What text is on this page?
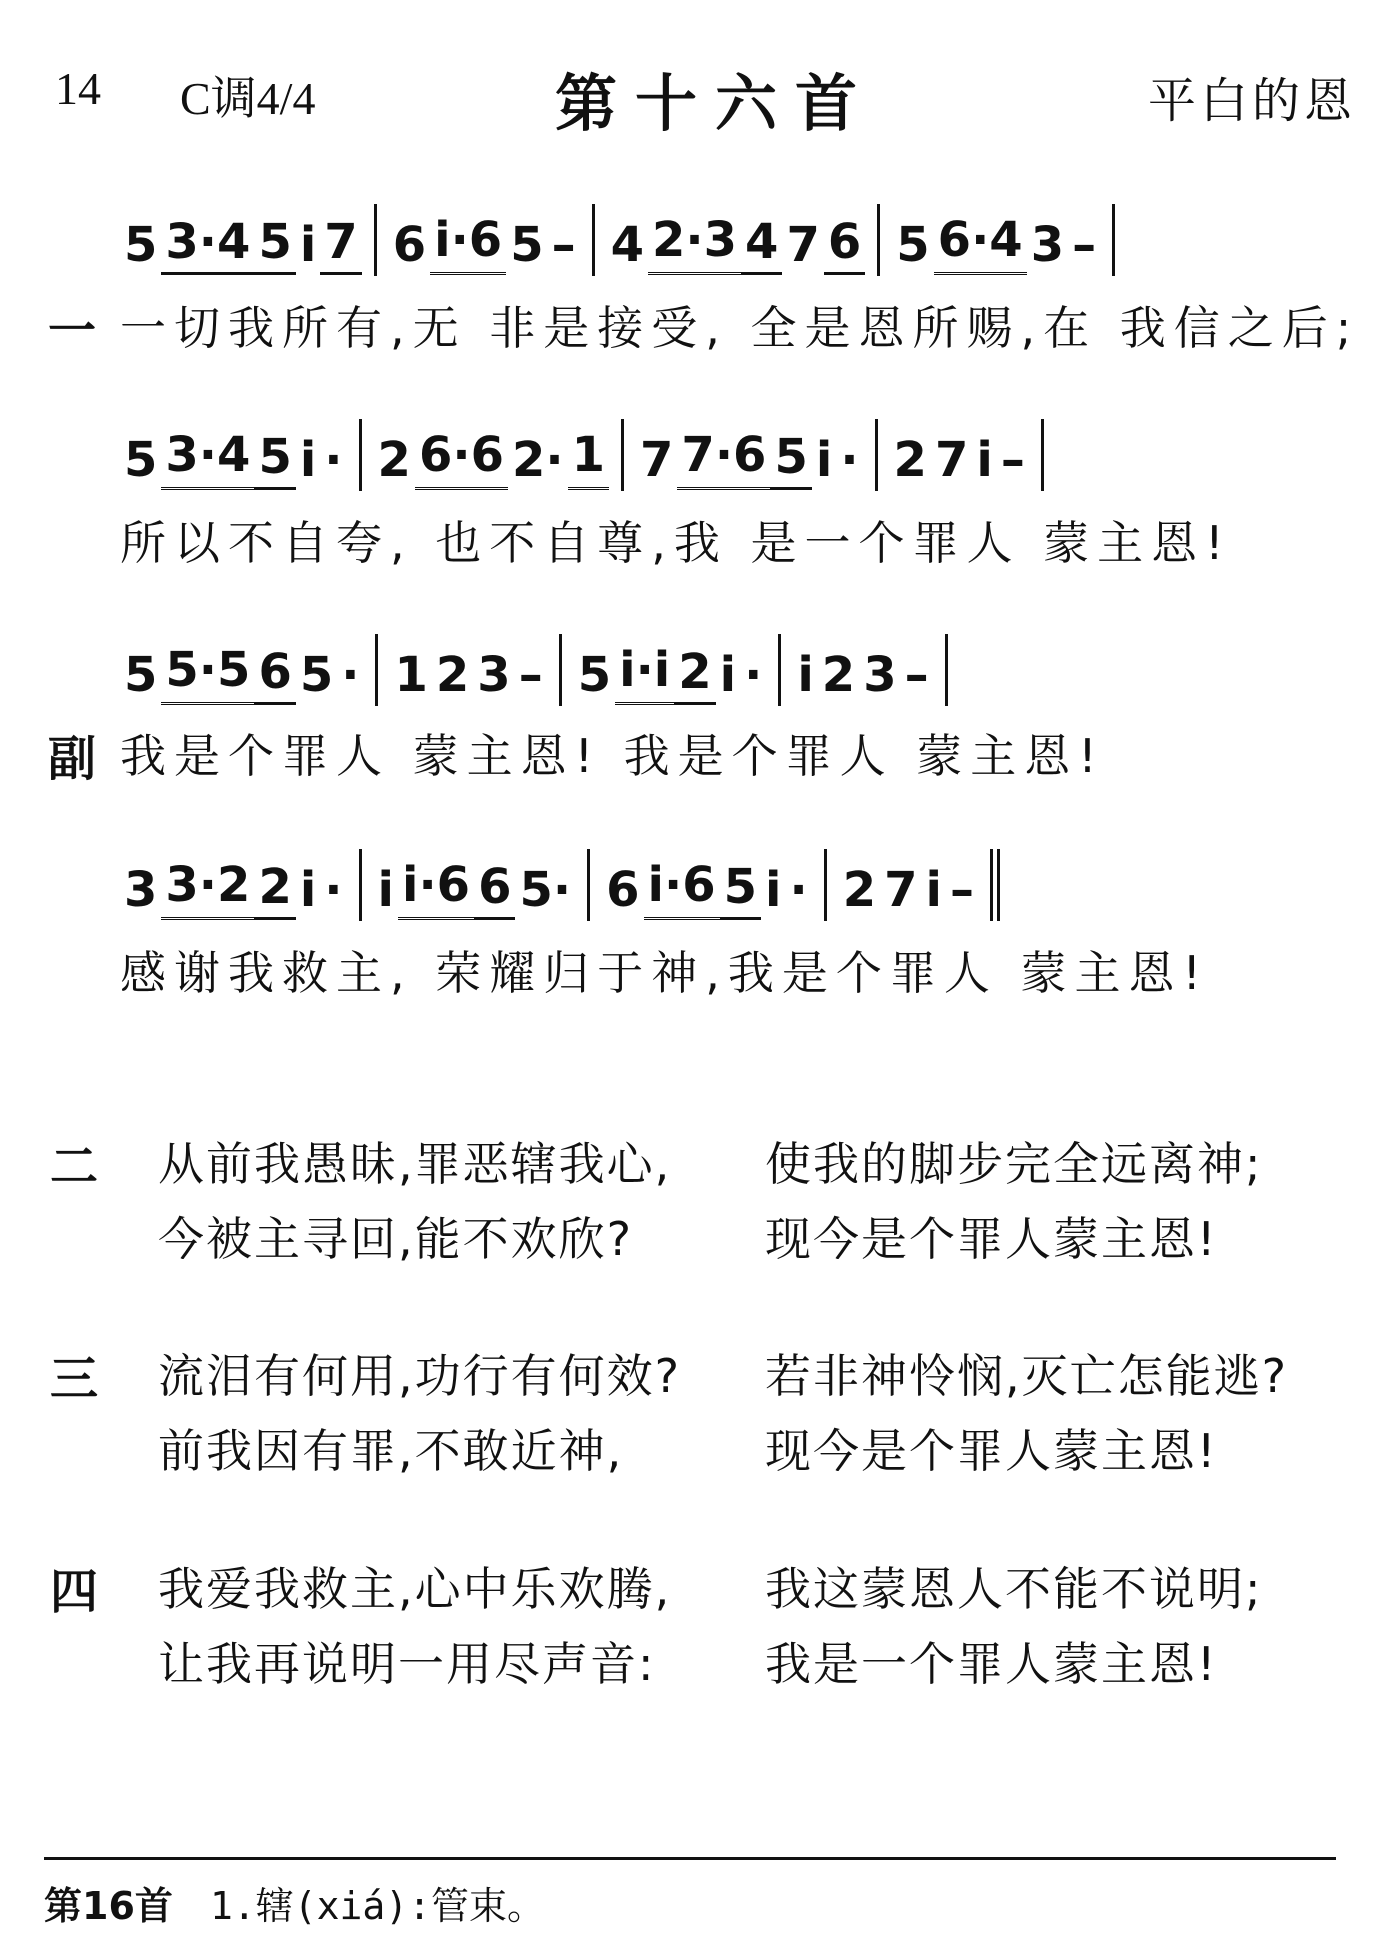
14 C调4/4	第十六首	平白的恩
一
副
5 3·4 5 i 7 6 i·6 5 – 4 2·3 4 7 6 5 6·4 3 –
一切我所有,无 非是接受, 全是恩所赐,在 我信之后;
5 3·4 5 i · 2 6·6 2· 1 7 7·6 5 i · 2 7 i –
所以不自夸, 也不自尊,我 是一个罪人 蒙主恩!
5 5·5 6 5 · 1 2 3 – 5 i·i 2 i · i 2 3 –
我是个罪人 蒙主恩! 我是个罪人 蒙主恩!
3 3·2 2 i · i i·6 6 5· 6 i·6 5 i · 2 7 i –
感谢我救主, 荣耀归于神,我是个罪人 蒙主恩!
二 从前我愚昧,罪恶辖我心, 使我的脚步完全远离神;
今被主寻回,能不欢欣?	现今是个罪人蒙主恩!
三 流泪有何用,功行有何效? 若非神怜悯,灭亡怎能逃?
前我因有罪,不敢近神,	现今是个罪人蒙主恩!
四 我爱我救主,心中乐欢腾, 我这蒙恩人不能不说明;
让我再说明一用尽声音: 我是一个罪人蒙主恩!
第16首 1.辖(xiá):管束。
